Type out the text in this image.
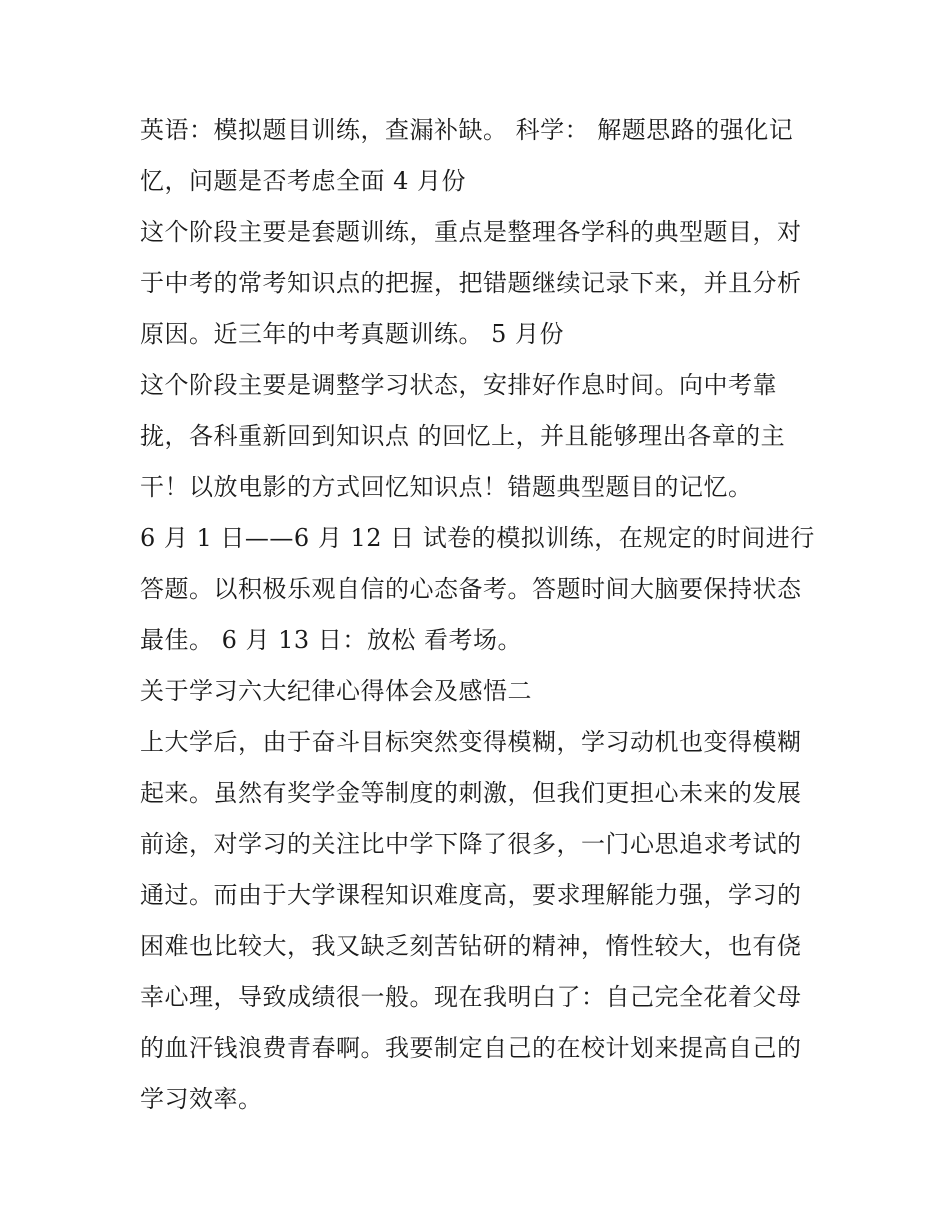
英语：模拟题目训练，查漏补缺。 科学： 解题思路的强化记忆，问题是否考虑全面 4 月份

这个阶段主要是套题训练，重点是整理各学科的典型题目，对于中考的常考知识点的把握，把错题继续记录下来，并且分析原因。近三年的中考真题训练。 5 月份

这个阶段主要是调整学习状态，安排好作息时间。向中考靠拢，各科重新回到知识点 的回忆上，并且能够理出各章的主干！以放电影的方式回忆知识点！错题典型题目的记忆。

6 月 1 日——6 月 12 日 试卷的模拟训练，在规定的时间进行答题。以积极乐观自信的心态备考。答题时间大脑要保持状态最佳。 6 月 13 日：放松 看考场。

关于学习六大纪律心得体会及感悟二

上大学后，由于奋斗目标突然变得模糊，学习动机也变得模糊起来。虽然有奖学金等制度的刺激，但我们更担心未来的发展前途，对学习的关注比中学下降了很多，一门心思追求考试的通过。而由于大学课程知识难度高，要求理解能力强，学习的困难也比较大，我又缺乏刻苦钻研的精神，惰性较大，也有侥幸心理，导致成绩很一般。现在我明白了：自己完全花着父母的血汗钱浪费青春啊。我要制定自己的在校计划来提高自己的学习效率。
